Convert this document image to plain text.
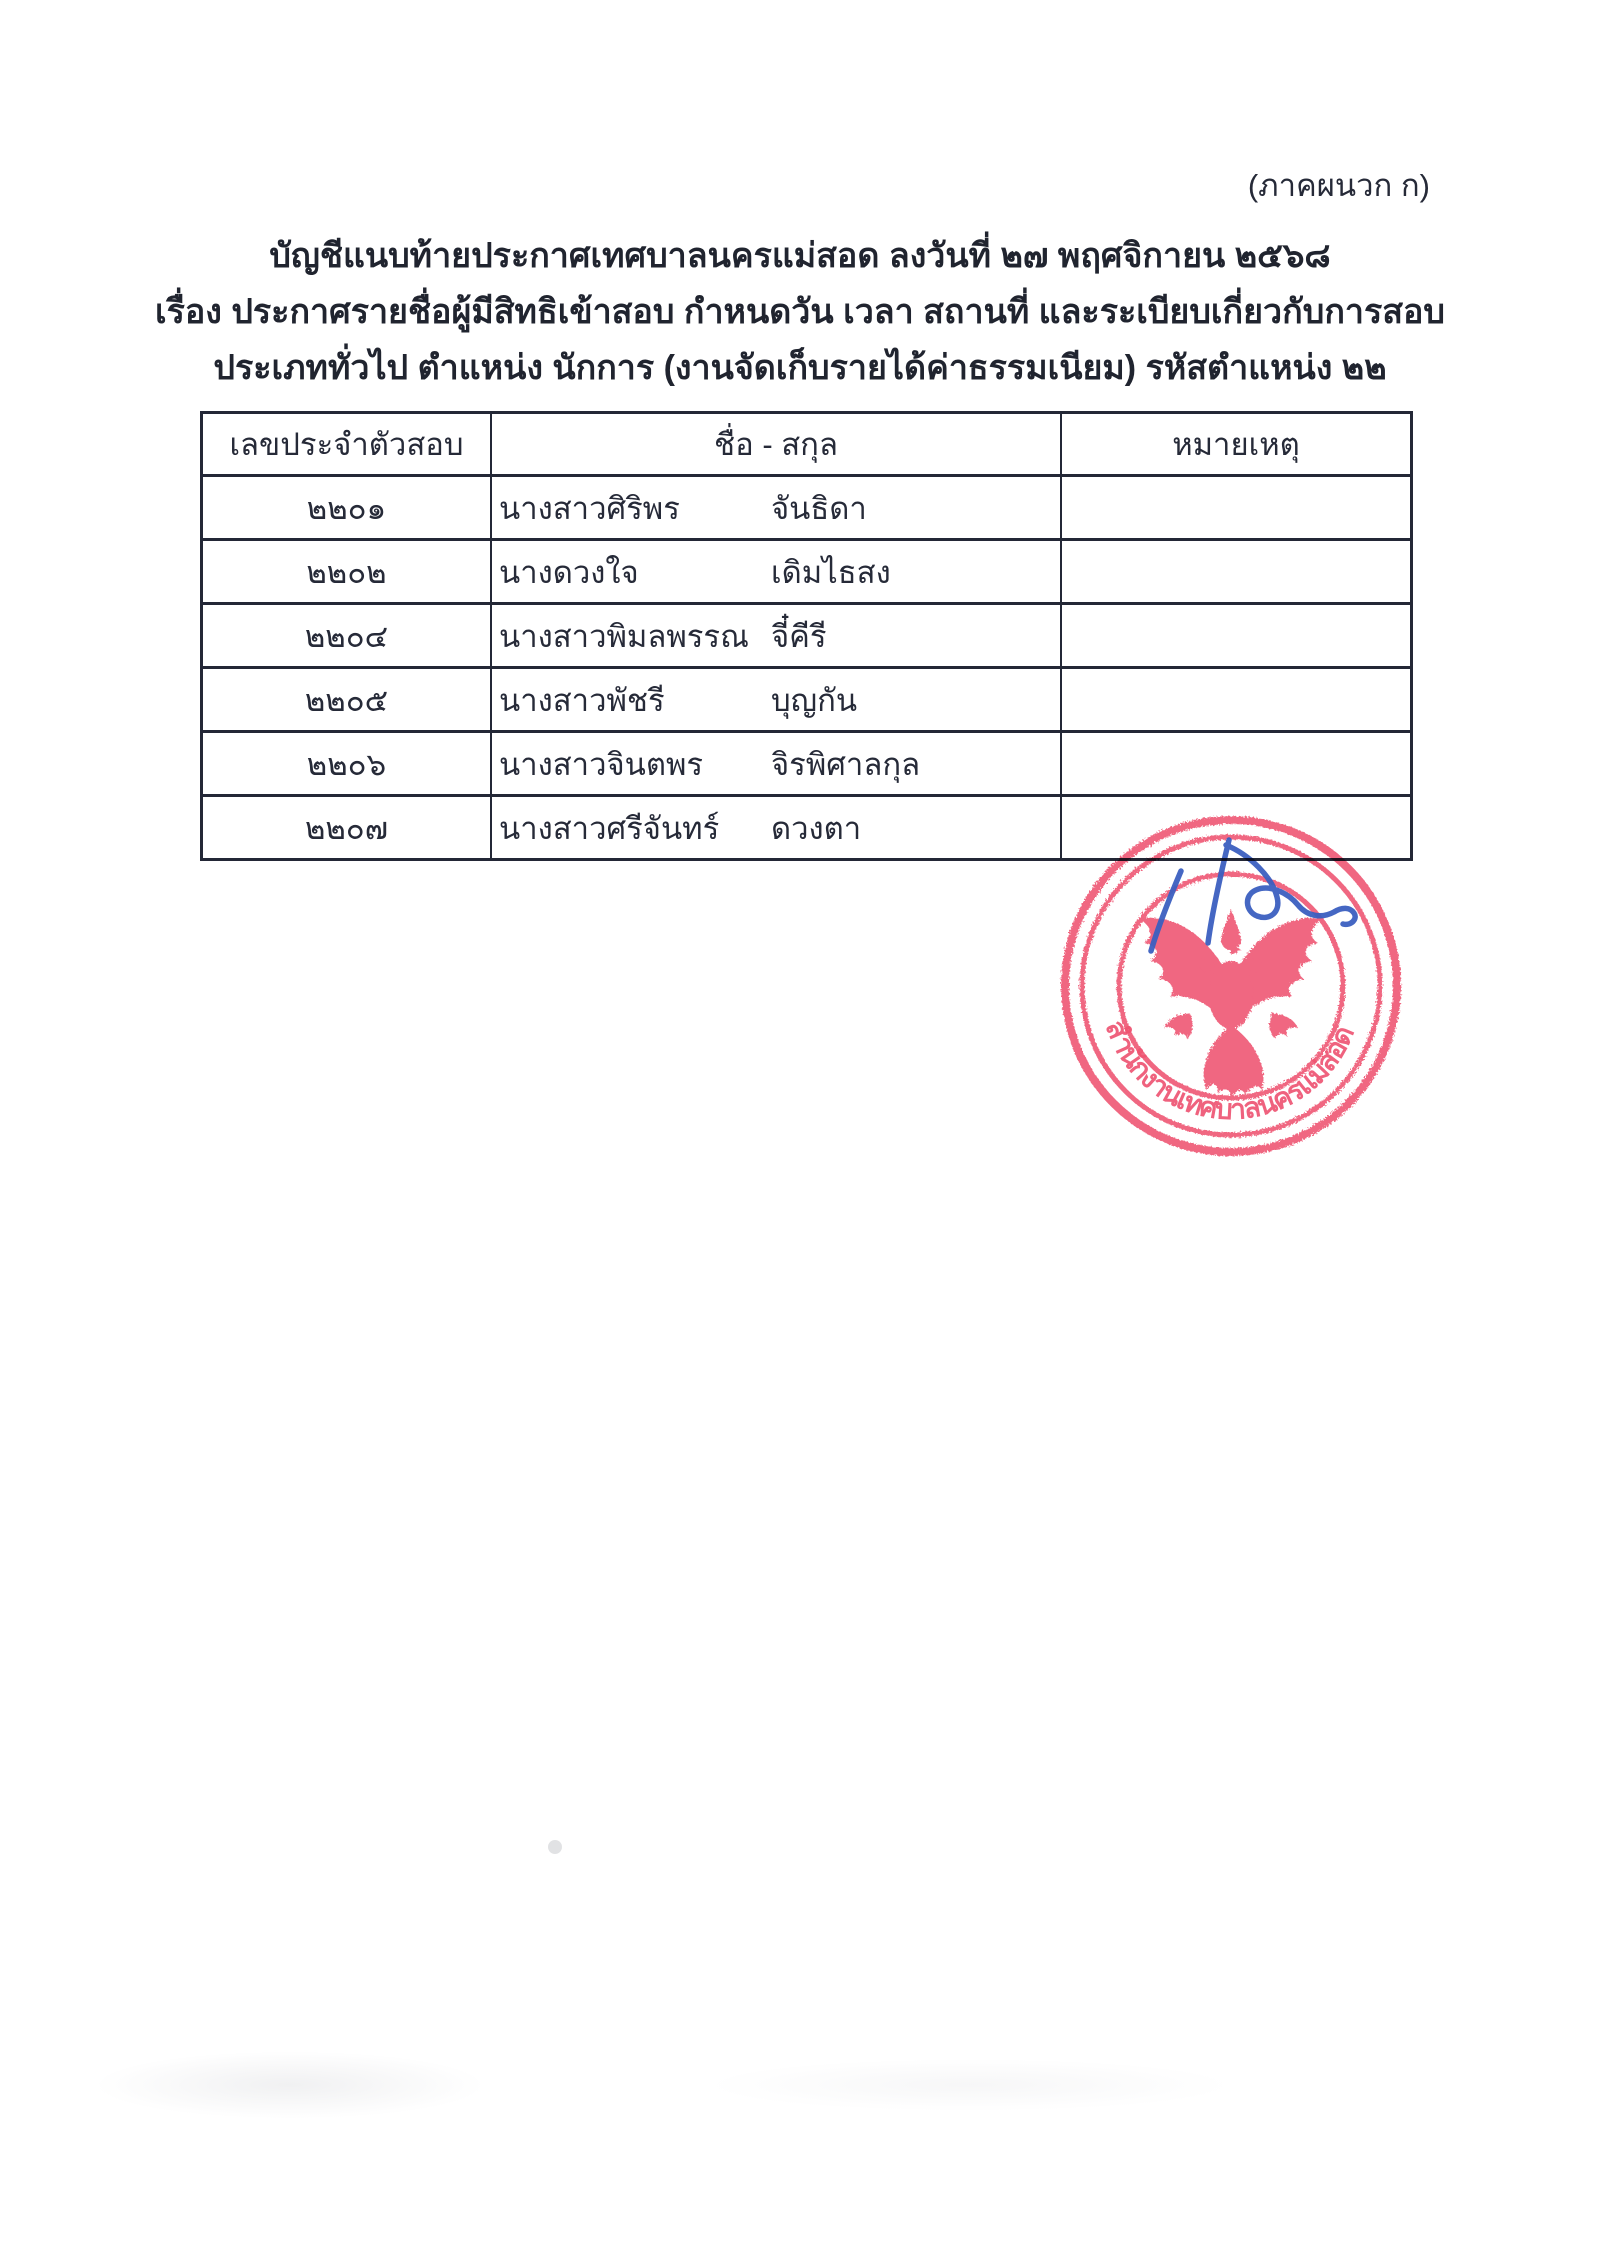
(ภาคผนวก ก)
บัญชีแนบท้ายประกาศเทศบาลนครแม่สอด ลงวันที่ ๒๗ พฤศจิกายน ๒๕๖๘
เรื่อง ประกาศรายชื่อผู้มีสิทธิเข้าสอบ กำหนดวัน เวลา สถานที่ และระเบียบเกี่ยวกับการสอบ
ประเภททั่วไป ตำแหน่ง นักการ (งานจัดเก็บรายได้ค่าธรรมเนียม) รหัสตำแหน่ง ๒๒
เลขประจำตัวสอบ	ชื่อ - สกุล	หมายเหตุ
๒๒๐๑	นางสาวศิริพร	จันธิดา
๒๒๐๒	นางดวงใจ	เดิมไธสง
๒๒๐๔	นางสาวพิมลพรรณ จี๋คีรี
๒๒๐๕	นางสาวพัชรี	บุญกัน
๒๒๐๖	นางสาวจินตพร	จิรพิศาลกุล
๒๒๐๗	นางสาวศรีจันทร์	ดวงตา
สำนักงานเทศบาลนครแม่สอด
